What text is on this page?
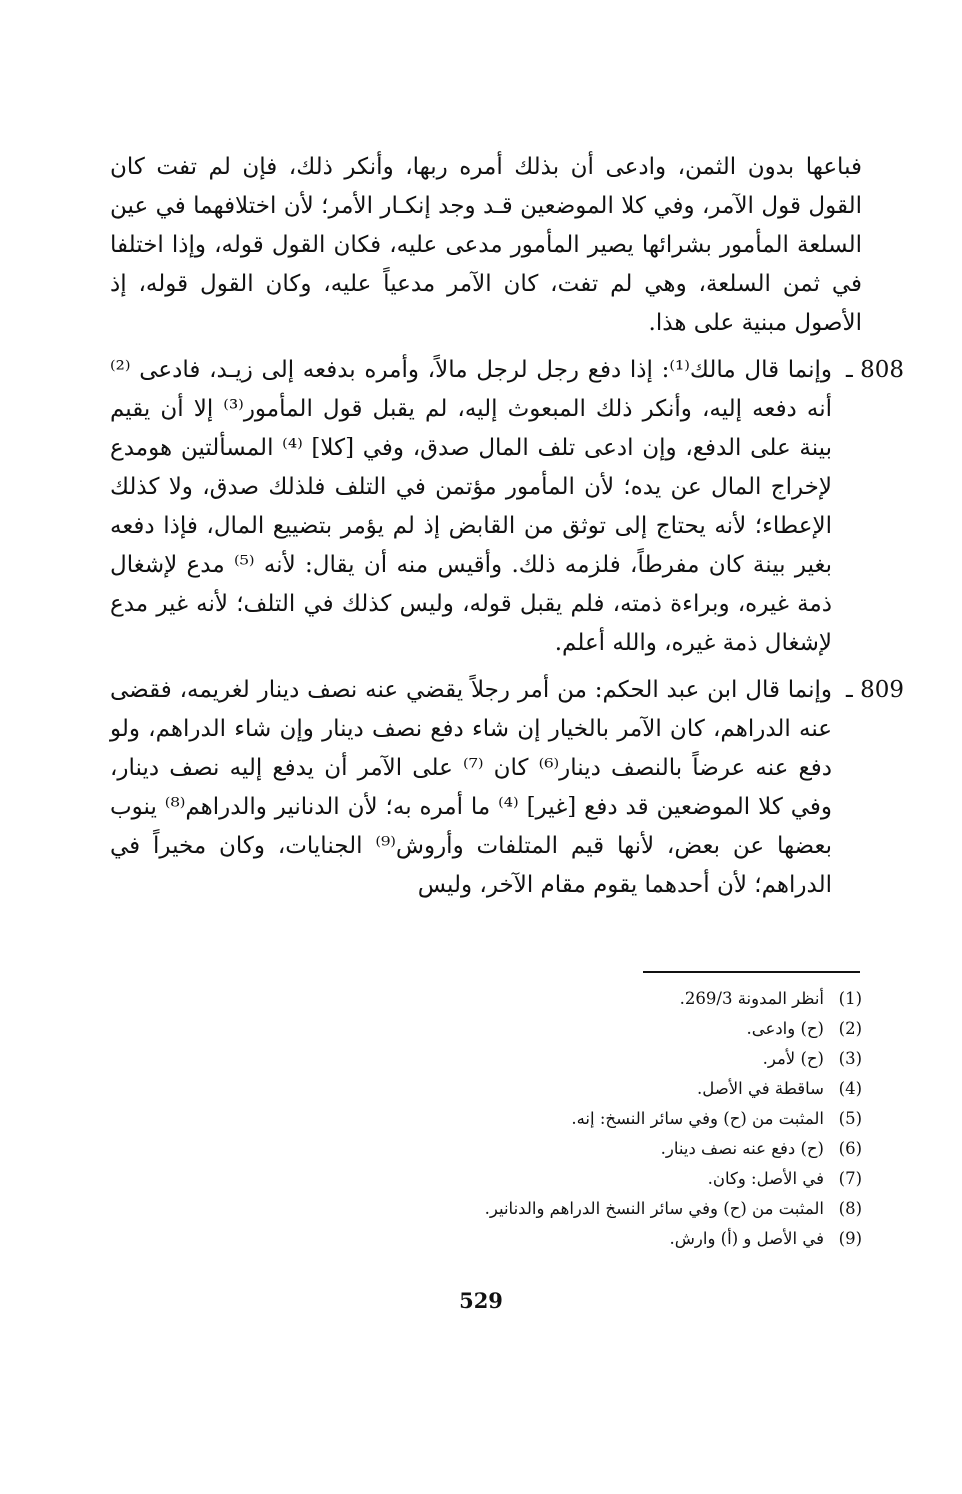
فباعها بدون الثمن، وادعى أن بذلك أمره ربها، وأنكر ذلك، فإن لم تفت كان القول قول الآمر، وفي كلا الموضعين قـد وجد إنكـار الأمر؛ لأن اختلافهما في عين السلعة المأمور بشرائها يصير المأمور مدعى عليه، فكان القول قوله، وإذا اختلفا في ثمن السلعة، وهي لم تفت، كان الآمر مدعياً عليه، وكان القول قوله، إذ الأصول مبنية على هذا.

808 ـ
وإنما قال مالك⁽¹⁾: إذا دفع رجل لرجل مالاً، وأمره بدفعه إلى زيـد، فادعى ⁽²⁾ أنه دفعه إليه، وأنكر ذلك المبعوث إليه، لم يقبل قول المأمور⁽³⁾ إلا أن يقيم بينة على الدفع، وإن ادعى تلف المال صدق، وفي [كلا] ⁽⁴⁾ المسألتين هومدع لإخراج المال عن يده؛ لأن المأمور مؤتمن في التلف فلذلك صدق، ولا كذلك الإعطاء؛ لأنه يحتاج إلى توثق من القابض إذ لم يؤمر بتضييع المال، فإذا دفعه بغير بينة كان مفرطاً، فلزمه ذلك. وأقيس منه أن يقال: لأنه ⁽⁵⁾ مدع لإشغال ذمة غيره، وبراءة ذمته، فلم يقبل قوله، وليس كذلك في التلف؛ لأنه غير مدع لإشغال ذمة غيره، والله أعلم.
809 ـ
وإنما قال ابن عبد الحكم: من أمر رجلاً يقضي عنه نصف دينار لغريمه، فقضى عنه الدراهم، كان الآمر بالخيار إن شاء دفع نصف دينار وإن شاء الدراهم، ولو دفع عنه عرضاً بالنصف دينار⁽⁶⁾ كان ⁽⁷⁾ على الآمر أن يدفع إليه نصف دينار، وفي كلا الموضعين قد دفع [غير] ⁽⁴⁾ ما أمره به؛ لأن الدنانير والدراهم⁽⁸⁾ ينوب بعضها عن بعض، لأنها قيم المتلفات وأروش⁽⁹⁾ الجنايات، وكان مخيراً في الدراهم؛ لأن أحدهما يقوم مقام الآخر، وليس
(1)
أنظر المدونة 269/3.
(2)
(ح) وادعى.
(3)
(ح) لأمر.
(4)
ساقطة في الأصل.
(5)
المثبت من (ح) وفي سائر النسخ: إنه.
(6)
(ح) دفع عنه نصف دينار.
(7)
في الأصل: وكان.
(8)
المثبت من (ح) وفي سائر النسخ الدراهم والدنانير.
(9)
في الأصل و (أ) وارش.
529
